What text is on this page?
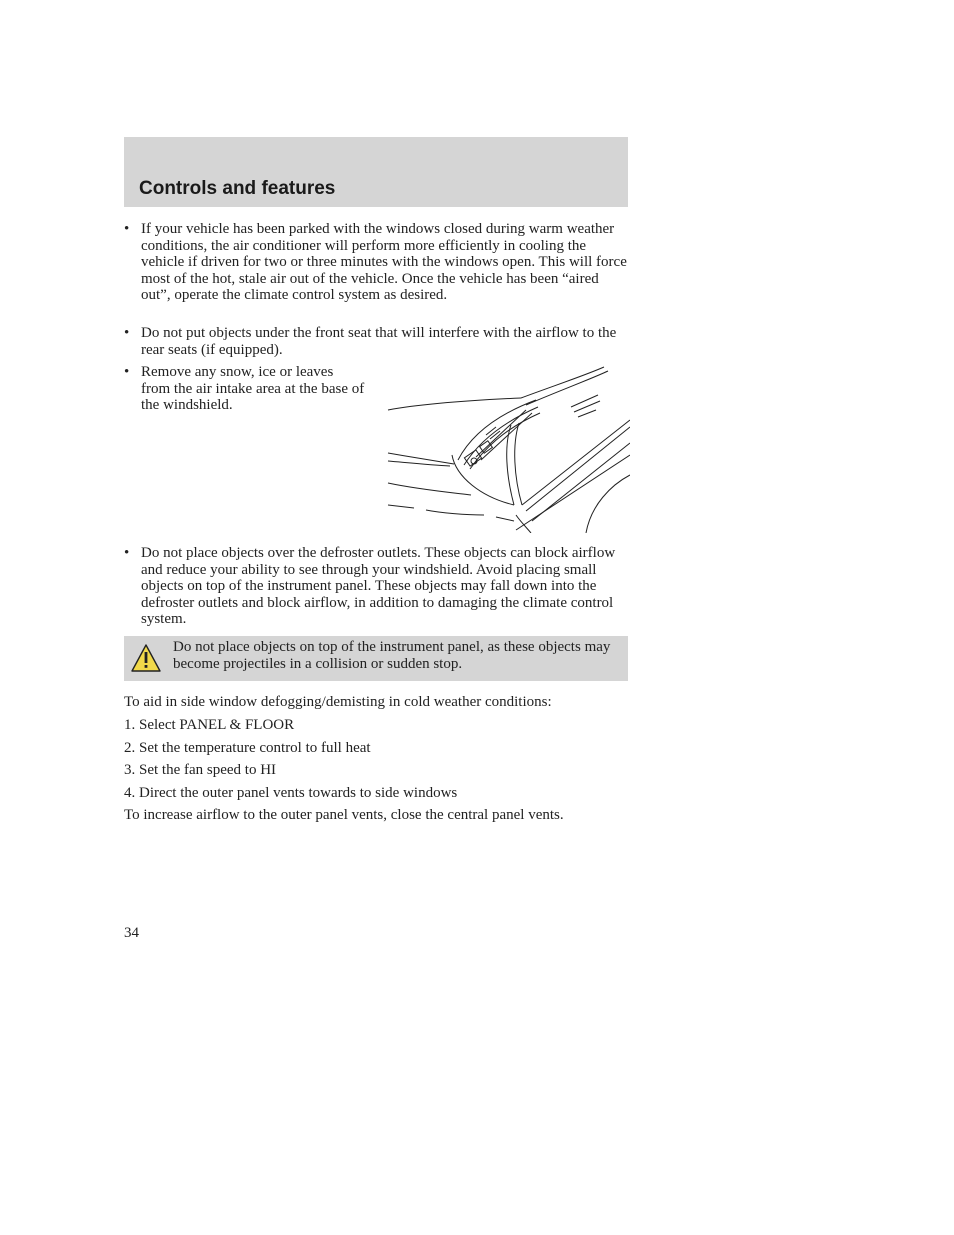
Controls and features
• If your vehicle has been parked with the windows closed during warm weather conditions, the air conditioner will perform more efficiently in cooling the vehicle if driven for two or three minutes with the windows open. This will force most of the hot, stale air out of the vehicle. Once the vehicle has been “aired out”, operate the climate control system as desired.
• Do not put objects under the front seat that will interfere with the airflow to the rear seats (if equipped).
• Remove any snow, ice or leaves from the air intake area at the base of the windshield.
• Do not place objects over the defroster outlets. These objects can block airflow and reduce your ability to see through your windshield. Avoid placing small objects on top of the instrument panel. These objects may fall down into the defroster outlets and block airflow, in addition to damaging the climate control system.
Do not place objects on top of the instrument panel, as these objects may become projectiles in a collision or sudden stop.
To aid in side window defogging/demisting in cold weather conditions:
1. Select PANEL & FLOOR
2. Set the temperature control to full heat
3. Set the fan speed to HI
4. Direct the outer panel vents towards to side windows
To increase airflow to the outer panel vents, close the central panel vents.
34
